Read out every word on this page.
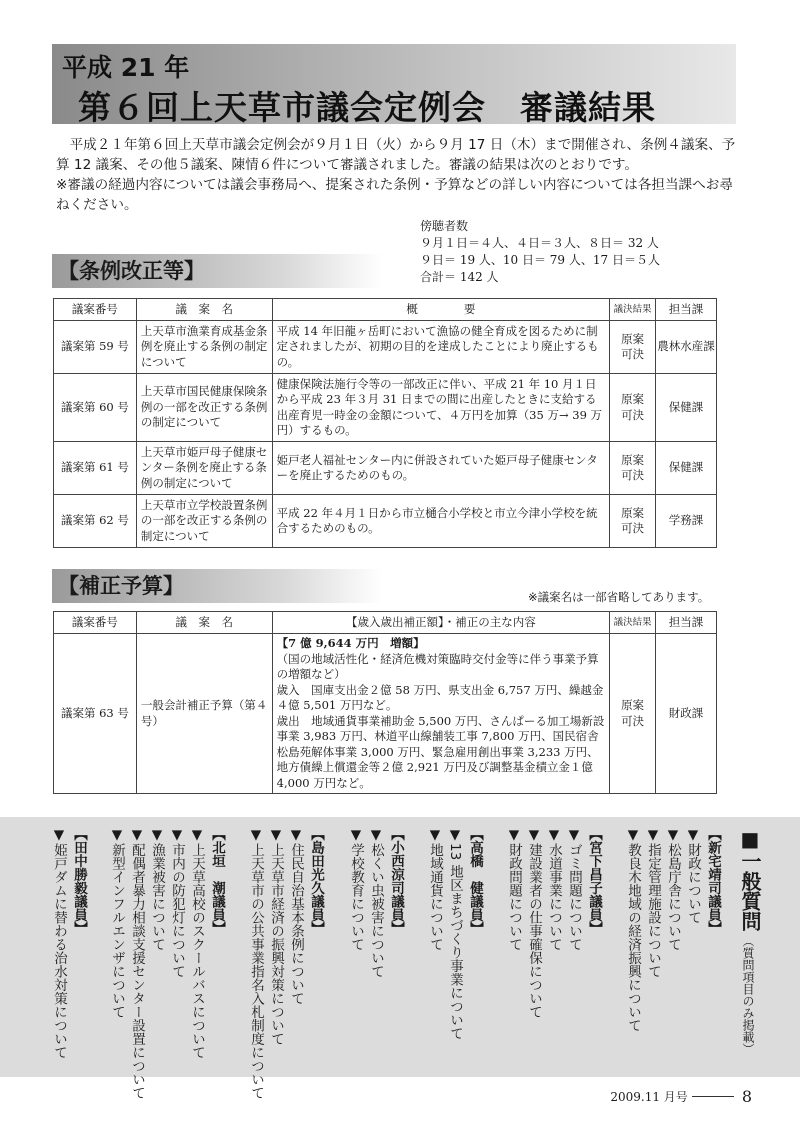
平成 21 年
第６回上天草市議会定例会　審議結果

平成２１年第６回上天草市議会定例会が９月１日（火）から９月 17 日（木）まで開催され、条例４議案、予算 12 議案、その他５議案、陳情６件について審議されました。審議の結果は次のとおりです。

※審議の経過内容については議会事務局へ、提案された条例・予算などの詳しい内容については各担当課へお尋ねください。

傍聴者数
９月１日＝４人、４日＝３人、８日＝ 32 人
９日＝ 19 人、10 日＝ 79 人、17 日＝５人
合計＝ 142 人
【条例改正等】
議案番号	議　案　名	概　　　　要	議決結果	担当課
議案第 59 号	上天草市漁業育成基金条例を廃止する条例の制定について	平成 14 年旧龍ヶ岳町において漁協の健全育成を図るために制定されましたが、初期の目的を達成したことにより廃止するもの。	原案可決	農林水産課
議案第 60 号	上天草市国民健康保険条例の一部を改正する条例の制定について	健康保険法施行令等の一部改正に伴い、平成 21 年 10 月１日から平成 23 年３月 31 日までの間に出産したときに支給する出産育児一時金の金額について、４万円を加算（35 万→ 39 万円）するもの。	原案可決	保健課
議案第 61 号	上天草市姫戸母子健康センター条例を廃止する条例の制定について	姫戸老人福祉センター内に併設されていた姫戸母子健康センターを廃止するためのもの。	原案可決	保健課
議案第 62 号	上天草市立学校設置条例の一部を改正する条例の制定について	平成 22 年４月１日から市立樋合小学校と市立今津小学校を統合するためのもの。	原案可決	学務課
【補正予算】	※議案名は一部省略してあります。
議案番号	議　案　名	【歳入歳出補正額】・補正の主な内容	議決結果	担当課
議案第 63 号	一般会計補正予算（第４号）	【7 億 9,644 万円　増額】
（国の地域活性化・経済危機対策臨時交付金等に伴う事業予算の増額など）
歳入　国庫支出金２億 58 万円、県支出金 6,757 万円、繰越金４億 5,501 万円など。
歳出　地域通貨事業補助金 5,500 万円、さんぱーる加工場新設事業 3,983 万円、林道平山線舗装工事 7,800 万円、国民宿舎松島苑解体事業 3,000 万円、緊急雇用創出事業 3,233 万円、地方債繰上償還金等２億 2,921 万円及び調整基金積立金１億 4,000 万円など。	原案可決	財政課
■一般質問
（質問項目のみ掲載）
【新宅靖司議員】
▼財政について
▼松島庁舎について
▼指定管理施設について
▼教良木地域の経済振興について
【宮下昌子議員】
▼ゴミ問題について
▼水道事業について
▼建設業者の仕事確保について
▼財政問題について
【高橋　健議員】
▼13 地区まちづくり事業について
▼地域通貨について
【小西涼司議員】
▼松くい虫被害について
▼学校教育について
【島田光久議員】
▼住民自治基本条例について
▼上天草市経済の振興対策について
▼上天草市の公共事業指名入札制度について
【北垣　潮議員】
▼上天草高校のスクールバスについて
▼市内の防犯灯について
▼漁業被害について
▼配偶者暴力相談支援センター設置について
▼新型インフルエンザについて
【田中勝毅議員】
▼姫戸ダムに替わる治水対策について
2009.11 月号	8
